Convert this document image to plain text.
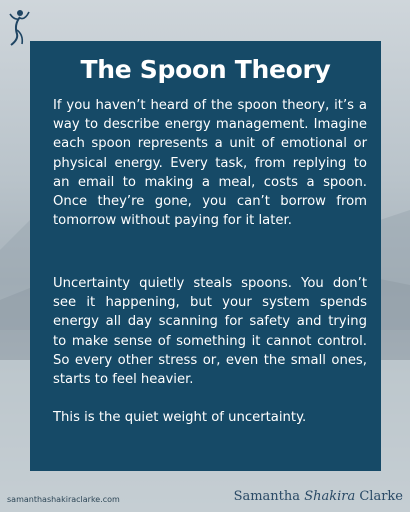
The Spoon Theory

If you haven’t heard of the spoon theory, it’s a way to describe energy management. Imagine each spoon represents a unit of emotional or physical energy. Every task, from replying to an email to making a meal, costs a spoon. Once they’re gone, you can’t borrow from tomorrow without paying for it later.

Uncertainty quietly steals spoons. You don’t see it happening, but your system spends energy all day scanning for safety and trying to make sense of something it cannot control. So every other stress or, even the small ones, starts to feel heavier.

This is the quiet weight of uncertainty.

samanthashakiraclarke.com	Samantha Shakira Clarke
